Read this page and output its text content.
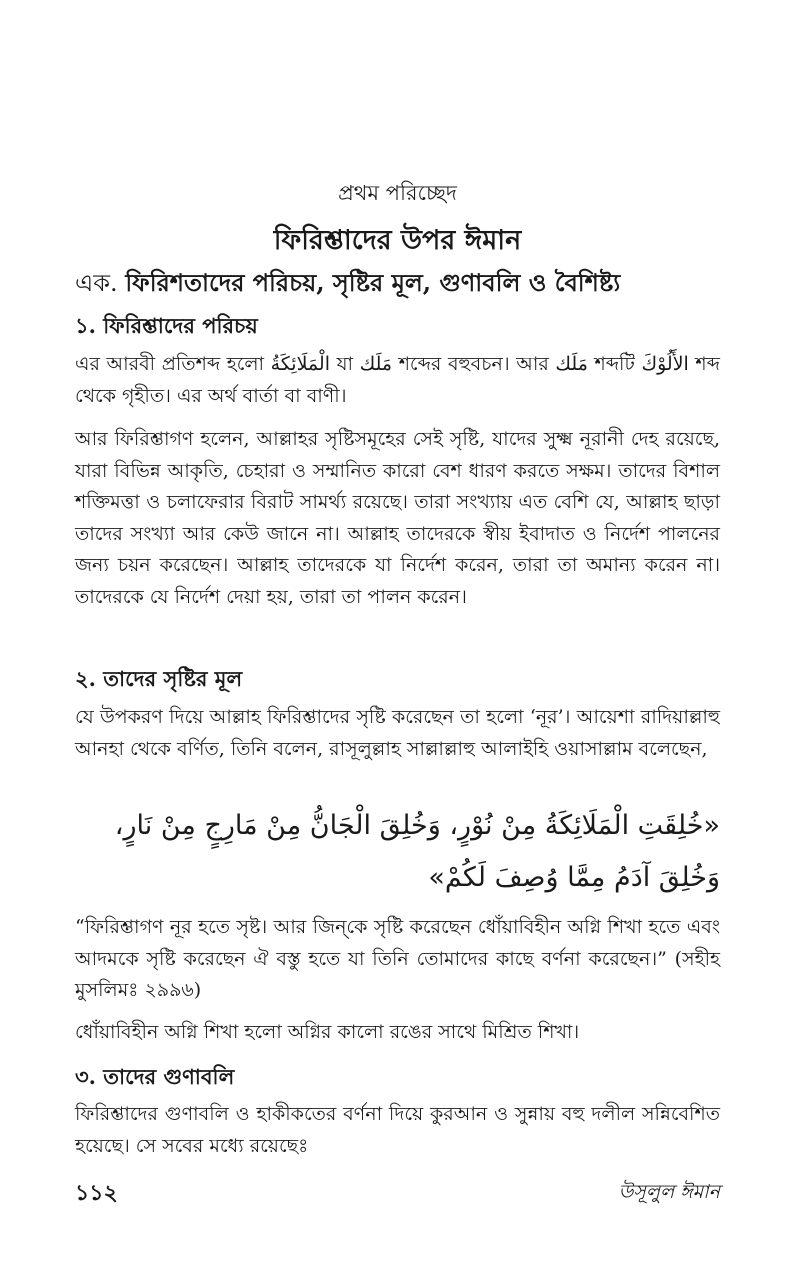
প্রথম পরিচ্ছেদ
ফিরিশ্তাদের উপর ঈমান
এক. ফিরিশতাদের পরিচয়, সৃষ্টির মূল, গুণাবলি ও বৈশিষ্ট্য
১. ফিরিশ্তাদের পরিচয়
এর আরবী প্রতিশব্দ হলো الْمَلَائِكَةُ যা مَلَك শব্দের বহুবচন। আর مَلَك শব্দটি الأَلُوْكَ শব্দ থেকে গৃহীত। এর অর্থ বার্তা বা বাণী।
আর ফিরিশ্তাগণ হলেন, আল্লাহর সৃষ্টিসমূহের সেই সৃষ্টি, যাদের সুক্ষ্ম নূরানী দেহ রয়েছে, যারা বিভিন্ন আকৃতি, চেহারা ও সম্মানিত কারো বেশ ধারণ করতে সক্ষম। তাদের বিশাল শক্তিমত্তা ও চলাফেরার বিরাট সামর্থ্য রয়েছে। তারা সংখ্যায় এত বেশি যে, আল্লাহ ছাড়া তাদের সংখ্যা আর কেউ জানে না। আল্লাহ তাদেরকে স্বীয় ইবাদাত ও নির্দেশ পালনের জন্য চয়ন করেছেন। আল্লাহ তাদেরকে যা নির্দেশ করেন, তারা তা অমান্য করেন না। তাদেরকে যে নির্দেশ দেয়া হয়, তারা তা পালন করেন।
২. তাদের সৃষ্টির মূল
যে উপকরণ দিয়ে আল্লাহ ফিরিশ্তাদের সৃষ্টি করেছেন তা হলো ‘নূর’। আয়েশা রাদিয়াল্লাহু আনহা থেকে বর্ণিত, তিনি বলেন, রাসূলুল্লাহ সাল্লাল্লাহু আলাইহি ওয়াসাল্লাম বলেছেন,
«خُلِقَتِ الْمَلَائِكَةُ مِنْ نُوْرٍ، وَخُلِقَ الْجَانُّ مِنْ مَارِجٍ مِنْ نَارٍ، وَخُلِقَ آدَمُ مِمَّا وُصِفَ لَكُمْ»
“ফিরিশ্তাগণ নূর হতে সৃষ্ট। আর জিন্‌কে সৃষ্টি করেছেন ধোঁয়াবিহীন অগ্নি শিখা হতে এবং আদমকে সৃষ্টি করেছেন ঐ বস্তু হতে যা তিনি তোমাদের কাছে বর্ণনা করেছেন।” (সহীহ মুসলিমঃ ২৯৯৬)
ধোঁয়াবিহীন অগ্নি শিখা হলো অগ্নির কালো রঙের সাথে মিশ্রিত শিখা।
৩. তাদের গুণাবলি
ফিরিশ্তাদের গুণাবলি ও হাকীকতের বর্ণনা দিয়ে কুরআন ও সুন্নায় বহু দলীল সন্নিবেশিত হয়েছে। সে সবের মধ্যে রয়েছেঃ
১১২	উসূলুল ঈমান
